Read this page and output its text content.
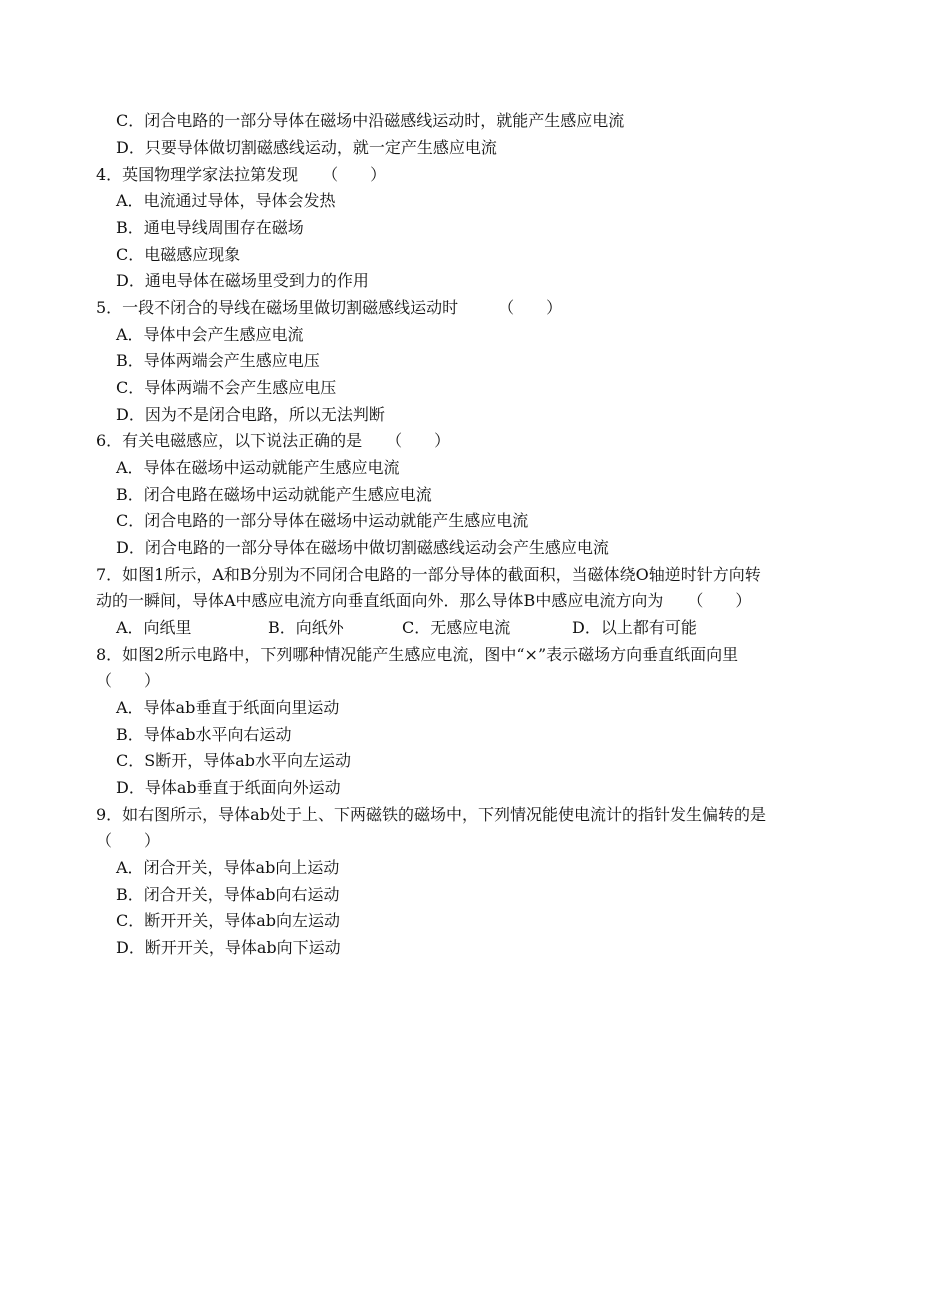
C．闭合电路的一部分导体在磁场中沿磁感线运动时，就能产生感应电流
D．只要导体做切割磁感线运动，就一定产生感应电流
4．英国物理学家法拉第发现　　（　　）
A．电流通过导体，导体会发热
B．通电导线周围存在磁场
C．电磁感应现象
D．通电导体在磁场里受到力的作用
5．一段不闭合的导线在磁场里做切割磁感线运动时　　　（　　）
A．导体中会产生感应电流
B．导体两端会产生感应电压
C．导体两端不会产生感应电压
D．因为不是闭合电路，所以无法判断
6．有关电磁感应，以下说法正确的是　　（　　）
A．导体在磁场中运动就能产生感应电流
B．闭合电路在磁场中运动就能产生感应电流
C．闭合电路的一部分导体在磁场中运动就能产生感应电流
D．闭合电路的一部分导体在磁场中做切割磁感线运动会产生感应电流
7．如图1所示，A和B分别为不同闭合电路的一部分导体的截面积，当磁体绕O轴逆时针方向转
动的一瞬间，导体A中感应电流方向垂直纸面向外．那么导体B中感应电流方向为　　（　　）
A．向纸里	B．向纸外	C．无感应电流	D．以上都有可能
8．如图2所示电路中，下列哪种情况能产生感应电流，图中“×”表示磁场方向垂直纸面向里
（　　）
A．导体ab垂直于纸面向里运动
B．导体ab水平向右运动
C．S断开，导体ab水平向左运动
D．导体ab垂直于纸面向外运动
9．如右图所示，导体ab处于上、下两磁铁的磁场中，下列情况能使电流计的指针发生偏转的是
（　　）
A．闭合开关，导体ab向上运动
B．闭合开关，导体ab向右运动
C．断开开关，导体ab向左运动
D．断开开关，导体ab向下运动
